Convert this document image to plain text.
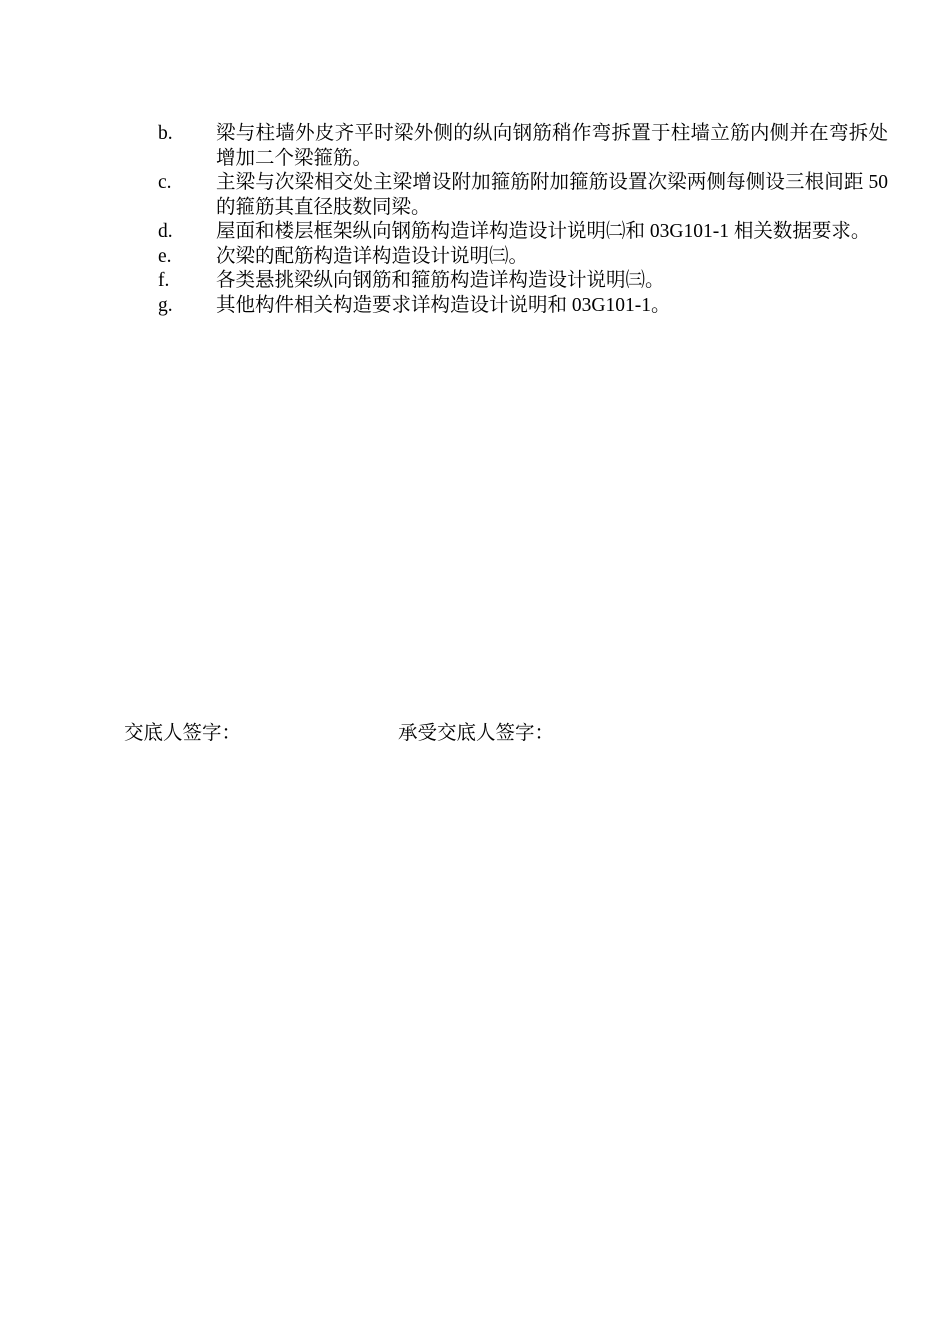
b.	梁与柱墙外皮齐平时梁外侧的纵向钢筋稍作弯拆置于柱墙立筋内侧并在弯拆处增加二个梁箍筋。
c.	主梁与次梁相交处主梁增设附加箍筋附加箍筋设置次梁两侧每侧设三根间距 50 的箍筋其直径肢数同梁。
d.	屋面和楼层框架纵向钢筋构造详构造设计说明㈡和 03G101-1 相关数据要求。
e.	次梁的配筋构造详构造设计说明㈢。
f.	各类悬挑梁纵向钢筋和箍筋构造详构造设计说明㈢。
g.	其他构件相关构造要求详构造设计说明和 03G101-1。
交底人签字：	承受交底人签字：
